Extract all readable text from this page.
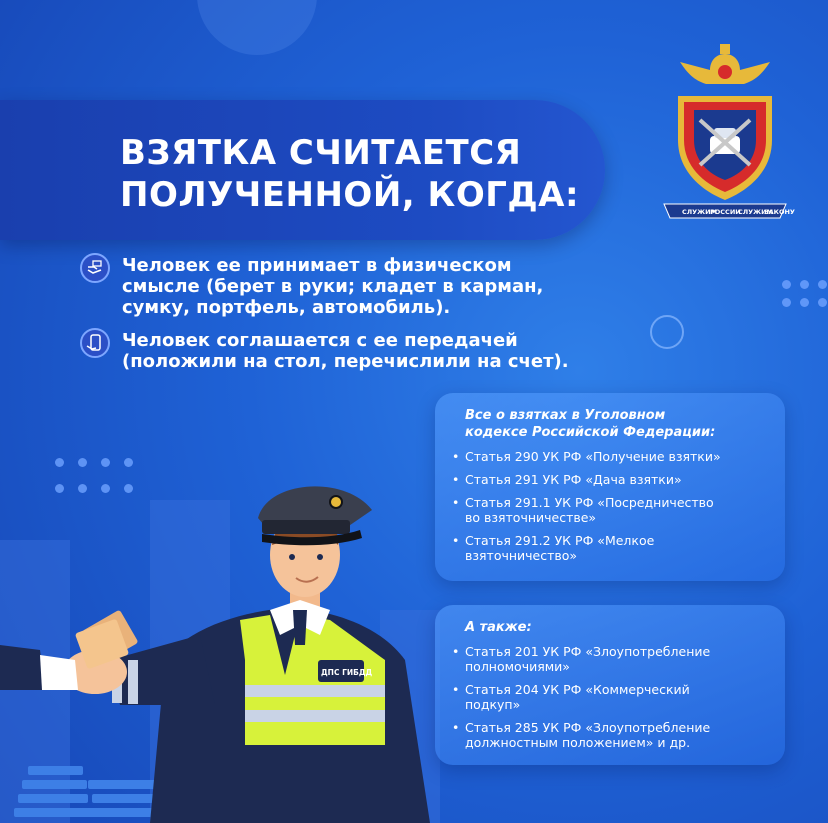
ВЗЯТКА СЧИТАЕТСЯ
ПОЛУЧЕННОЙ, КОГДА:	СЛУЖИМ
РОССИИ
СЛУЖИМ
ЗАКОНУ
Человек ее принимает в физическом
смысле (берет в руки; кладет в карман,
сумку, портфель, автомобиль).
Человек соглашается с ее передачей
(положили на стол, перечислили на счет).
Все о взятках в Уголовном
кодексе Российской Федерации:
• Статья 290 УК РФ «Получение взятки»
• Статья 291 УК РФ «Дача взятки»
• Статья 291.1 УК РФ «Посредничество
во взяточничестве»
• Статья 291.2 УК РФ «Мелкое
взяточничество»
А также:
• Статья 201 УК РФ «Злоупотребление
полномочиями»
• Статья 204 УК РФ «Коммерческий
подкуп»
• Статья 285 УК РФ «Злоупотребление
должностным положением» и др.
ДПС ГИБДД
